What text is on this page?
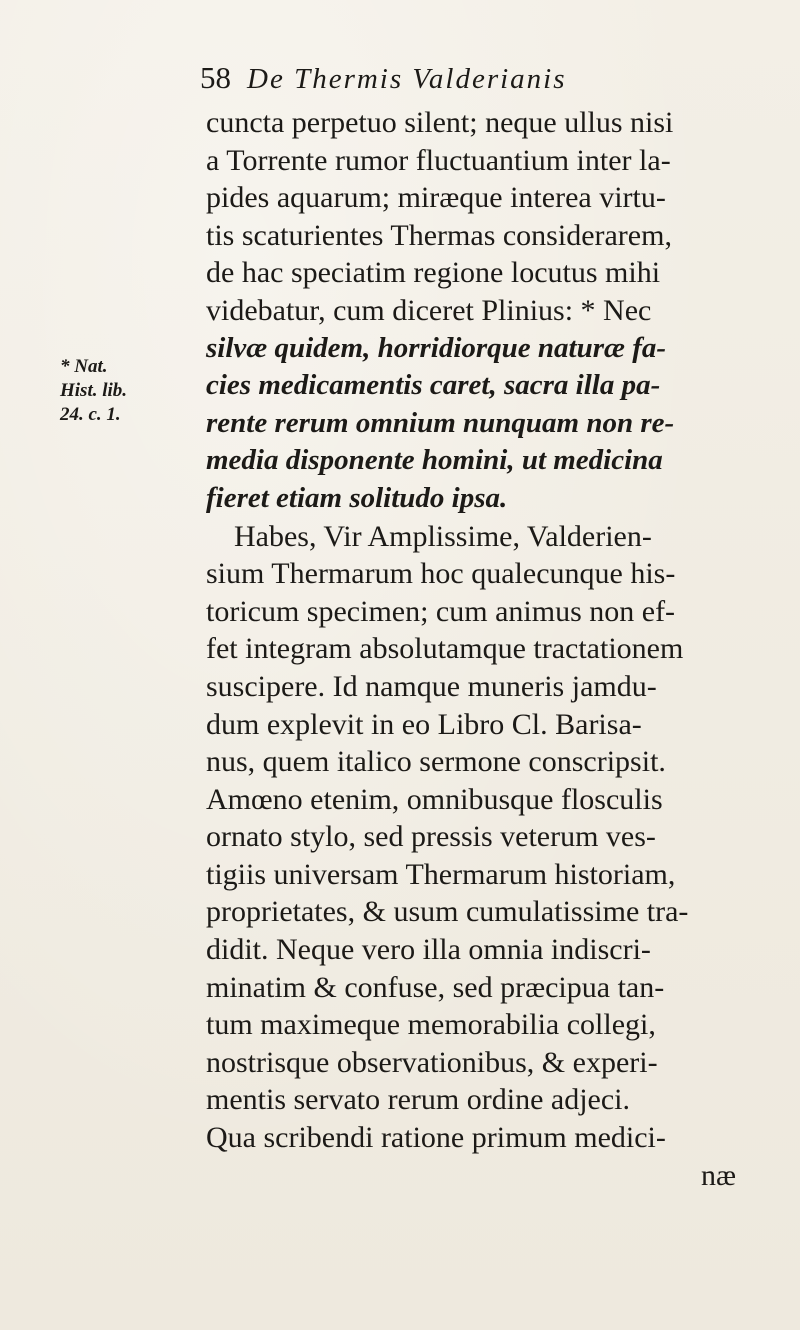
58 De Thermis Valderianis
* Nat.
Hist. lib.
24. c. 1.
cuncta perpetuo silent; neque ullus nisi
a Torrente rumor fluctuantium inter la-
pides aquarum; miræque interea virtu-
tis scaturientes Thermas considerarem,
de hac speciatim regione locutus mihi
videbatur, cum diceret Plinius: * Nec
silvæ quidem, horridiorque naturæ fa-
cies medicamentis caret, sacra illa pa-
rente rerum omnium nunquam non re-
media disponente homini, ut medicina
fieret etiam solitudo ipsa.
Habes, Vir Amplissime, Valderien-
sium Thermarum hoc qualecunque his-
toricum specimen; cum animus non ef-
fet integram absolutamque tractationem
suscipere. Id namque muneris jamdu-
dum explevit in eo Libro Cl. Barisa-
nus, quem italico sermone conscripsit.
Amœno etenim, omnibusque flosculis
ornato stylo, sed pressis veterum ves-
tigiis universam Thermarum historiam,
proprietates, & usum cumulatissime tra-
didit. Neque vero illa omnia indiscri-
minatim & confuse, sed præcipua tan-
tum maximeque memorabilia collegi,
nostrisque observationibus, & experi-
mentis servato rerum ordine adjeci.
Qua scribendi ratione primum medici-
næ
